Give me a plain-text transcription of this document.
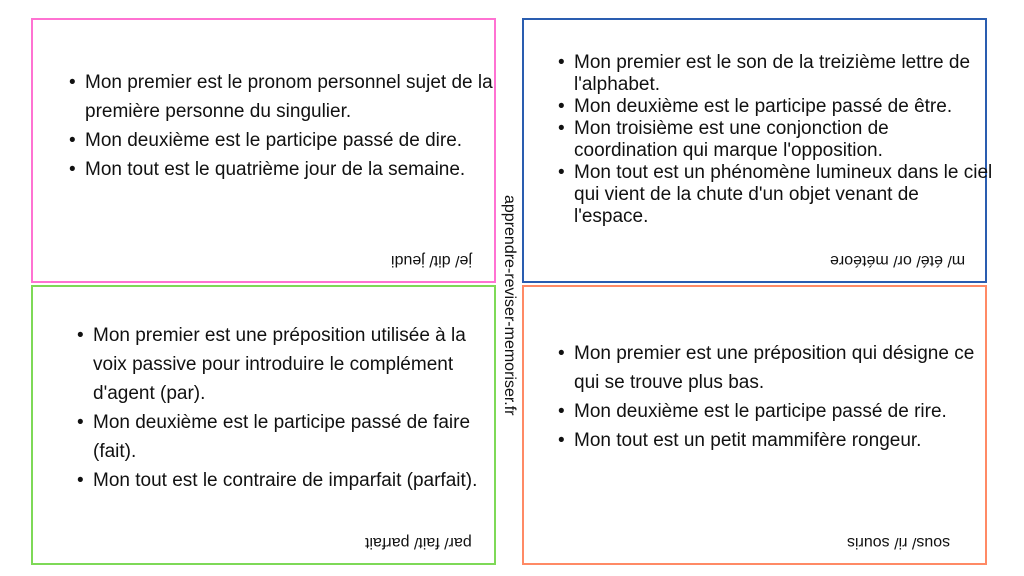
• Mon premier est le pronom personnel sujet de la première personne du singulier.
• Mon deuxième est le participe passé de dire.
• Mon tout est le quatrième jour de la semaine.
je/ dit/ jeudi
• Mon premier est le son de la treizième lettre de l'alphabet.
• Mon deuxième est le participe passé de être.
• Mon troisième est une conjonction de coordination qui marque l'opposition.
• Mon tout est un phénomène lumineux dans le ciel qui vient de la chute d'un objet venant de l'espace.
m/ été/ or/ météore
• Mon premier est une préposition utilisée à la voix passive pour introduire le complément d'agent (par).
• Mon deuxième est le participe passé de faire (fait).
• Mon tout est le contraire de imparfait (parfait).
par/ fait/ parfait
• Mon premier est une préposition qui désigne ce qui se trouve plus bas.
• Mon deuxième est le participe passé de rire.
• Mon tout est un petit mammifère rongeur.
sous/ ri/ souris
apprendre-reviser-memoriser.fr
